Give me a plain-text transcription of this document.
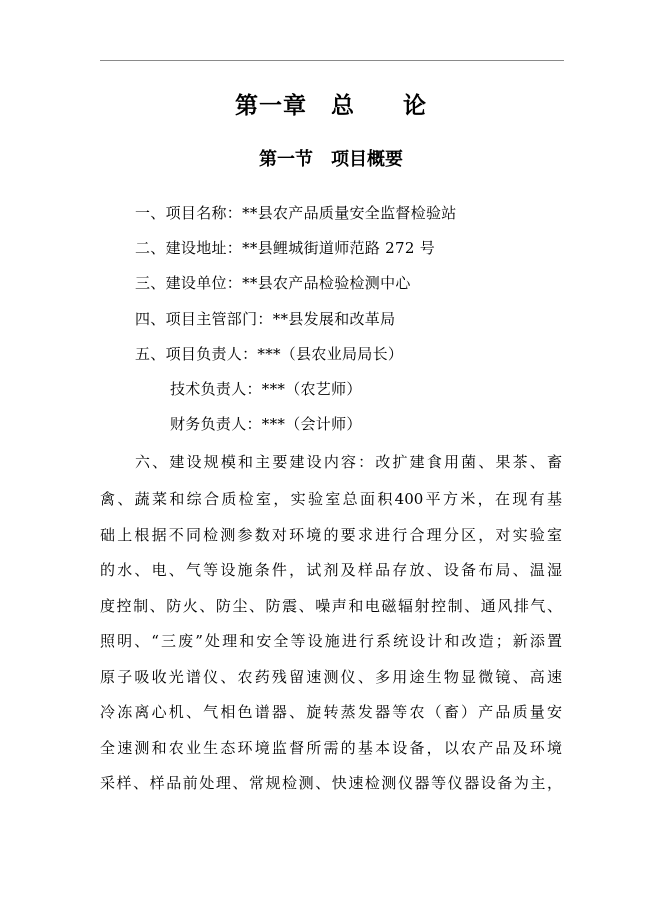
第一章　总　　论
第一节　项目概要
一、项目名称：**县农产品质量安全监督检验站
二、建设地址：**县鲤城街道师范路 272 号
三、建设单位：**县农产品检验检测中心
四、项目主管部门：**县发展和改革局
五、项目负责人：***（县农业局局长）
技术负责人：***（农艺师）
财务负责人：***（会计师）
六、建设规模和主要建设内容：改扩建食用菌、果茶、畜
禽、蔬菜和综合质检室，实验室总面积400平方米，在现有基
础上根据不同检测参数对环境的要求进行合理分区，对实验室
的水、电、气等设施条件，试剂及样品存放、设备布局、温湿
度控制、防火、防尘、防震、噪声和电磁辐射控制、通风排气、
照明、“三废”处理和安全等设施进行系统设计和改造；新添置
原子吸收光谱仪、农药残留速测仪、多用途生物显微镜、高速
冷冻离心机、气相色谱器、旋转蒸发器等农（畜）产品质量安
全速测和农业生态环境监督所需的基本设备，以农产品及环境
采样、样品前处理、常规检测、快速检测仪器等仪器设备为主，
